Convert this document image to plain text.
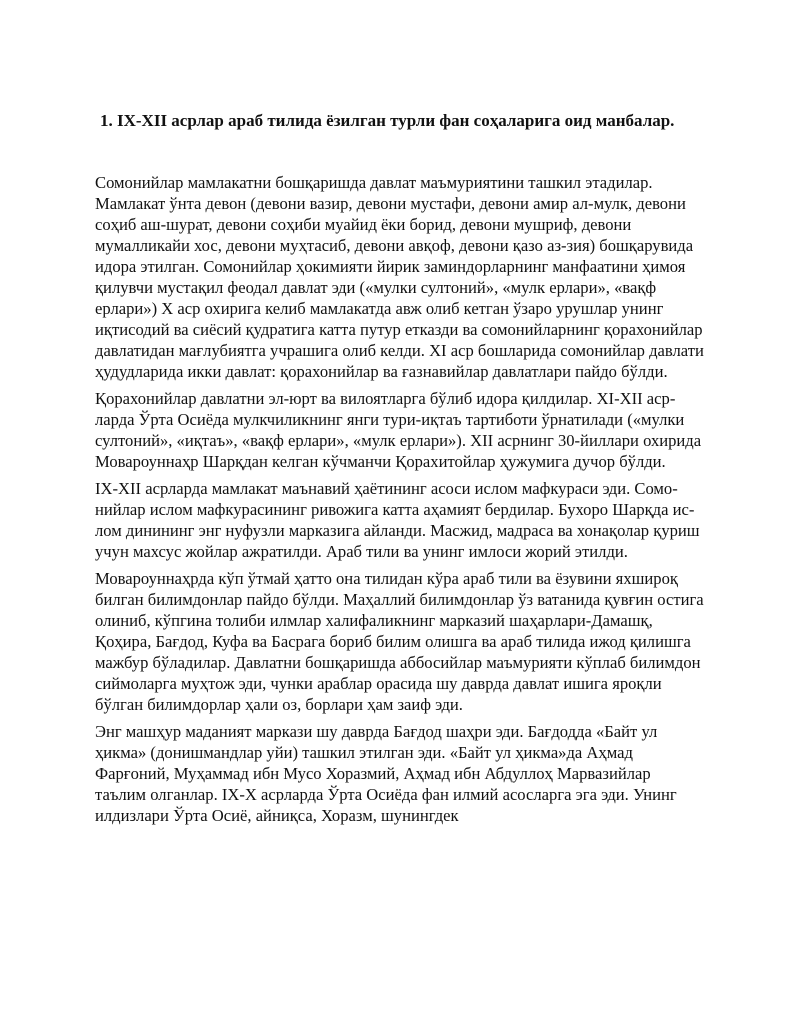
1. IX-XII асрлар араб тилида ёзилган турли фан соҳаларига оид манбалар.

Сомонийлар мамлакатни бошқаришда давлат маъмуриятини ташкил этадилар. Мамлакат ўнта девон (девони вазир, девони мустафи, девони амир ал-мулк, девони соҳиб аш-шурат, девони соҳиби муайид ёки борид, девони мушриф, девони мумалликайи хос, девони муҳтасиб, девони авқоф, девони қазо аз-зия) бошқарувида идора этилган. Сомонийлар ҳокимияти йирик заминдорларнинг манфаатини ҳимоя қилувчи мустақил феодал давлат эди («мулки султоний», «мулк ерлари», «вақф ерлари») X аср охирига келиб мамлакатда авж олиб кетган ўзаро урушлар унинг иқтисодий ва сиёсий қудратига катта путур етказди ва сомонийларнинг қорахонийлар давлатидан мағлубиятга учрашига олиб келди. XI аср бошларида сомонийлар давлати ҳудудларида икки давлат: қорахонийлар ва ғазнавийлар давлатлари пайдо бўлди.

Қорахонийлар давлатни эл-юрт ва вилоятларга бўлиб идора қилдилар. XI-XII аср-ларда Ўрта Осиёда мулкчиликнинг янги тури-иқтаъ тартиботи ўрнатилади («мулки султоний», «иқтаъ», «вақф ерлари», «мулк ерлари»). XII асрнинг 30-йиллари охирида Мовароуннаҳр Шарқдан келган кўчманчи Қорахитойлар ҳужумига дучор бўлди.

IX-XII асрларда мамлакат маънавий ҳаётининг асоси ислом мафкураси эди. Сомо-нийлар ислом мафкурасининг ривожига катта аҳамият бердилар. Бухоро Шарқда ис-лом динининг энг нуфузли марказига айланди. Масжид, мадраса ва хонақолар қуриш учун махсус жойлар ажратилди. Араб тили ва унинг имлоси жорий этилди.

Мовароуннаҳрда кўп ўтмай ҳатто она тилидан кўра араб тили ва ёзувини яхшироқ билган билимдонлар пайдо бўлди. Маҳаллий билимдонлар ўз ватанида қувғин остига олиниб, кўпгина толиби илмлар халифаликнинг марказий шаҳарлари-Дамашқ, Қоҳира, Бағдод, Куфа ва Басрага бориб билим олишга ва араб тилида ижод қилишга мажбур бўладилар. Давлатни бошқаришда аббосийлар маъмурияти кўплаб билимдон сиймоларга муҳтож эди, чунки араблар орасида шу даврда давлат ишига яроқли бўлган билимдорлар ҳали оз, борлари ҳам заиф эди.

Энг машҳур маданият маркази шу даврда Бағдод шаҳри эди. Бағдодда «Байт ул ҳикма» (донишмандлар уйи) ташкил этилган эди. «Байт ул ҳикма»да Аҳмад Фарғоний, Муҳаммад ибн Мусо Хоразмий, Аҳмад ибн Абдуллоҳ Марвазийлар таълим олганлар. IX-X асрларда Ўрта Осиёда фан илмий асосларга эга эди. Унинг илдизлари Ўрта Осиё, айниқса, Хоразм, шунингдек
